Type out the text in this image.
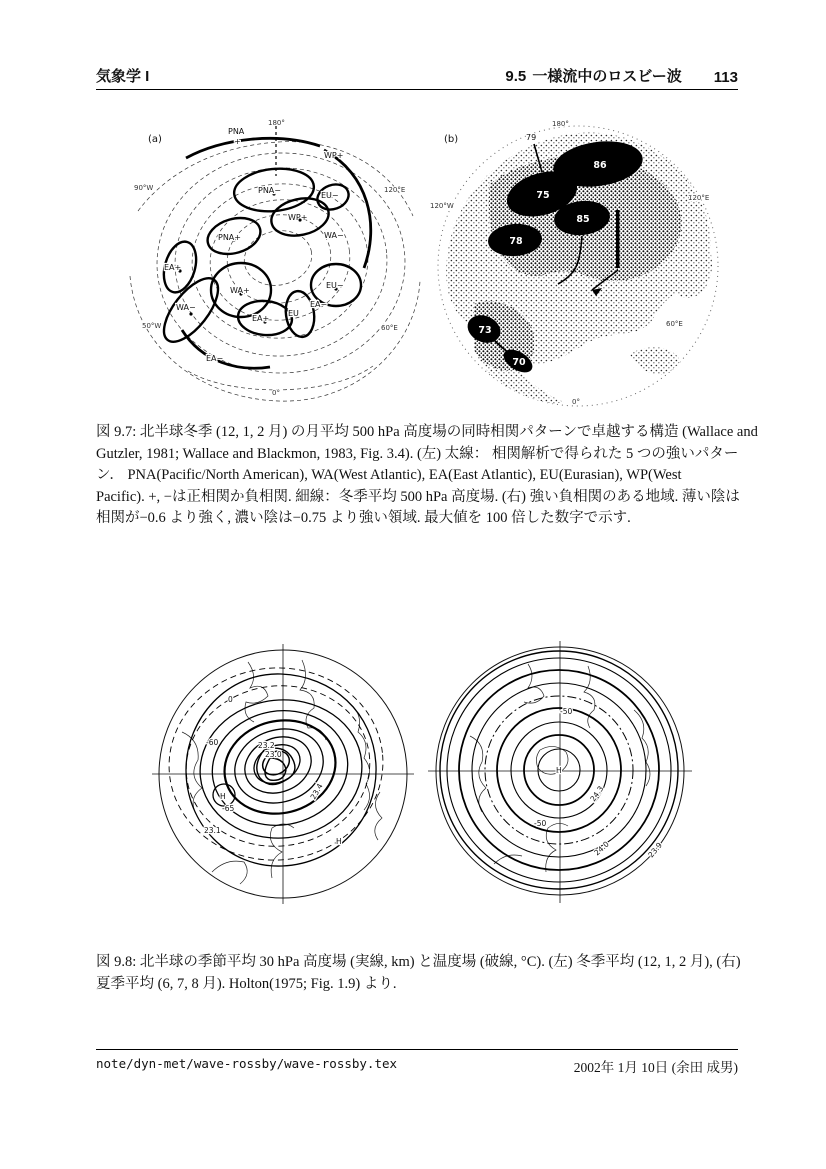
気象学 I	9.5 一様流中のロスビー波 113
(a)
PNA
+
180°
WP+
90°W	120°E
PNA−
EU−
WP+
WA−
PNA+
EA+
WA+
EU−
WA−
EA+
EU
EA−
50°W	60°E
EA−
0°
86
75
85
78
73
70
(b)	79
180°
120°W
120°E
60°E
0°
図 9.7: 北半球冬季 (12, 1, 2 月) の月平均 500 hPa 高度場の同時相関パターンで卓越する構造 (Wallace and
Gutzler, 1981; Wallace and Blackmon, 1983, Fig. 3.4). (左) 太線： 相関解析で得られた 5 つの強いパター
ン． PNA(Pacific/North American), WA(West Atlantic), EA(East Atlantic), EU(Eurasian), WP(West
Pacific). +, −は正相関か負相関. 細線：冬季平均 500 hPa 高度場. (右) 強い負相関のある地域. 薄い陰は
相関が−0.6 より強く, 濃い陰は−0.75 より強い領域. 最大値を 100 倍した数字で示す.
0
23.2
23.0
-60
H
-65
23.1
23.4
H
H
-50
-50
24.3
24.0	23.9
図 9.8: 北半球の季節平均 30 hPa 高度場 (実線, km) と温度場 (破線, °C). (左) 冬季平均 (12, 1, 2 月), (右)
夏季平均 (6, 7, 8 月). Holton(1975; Fig. 1.9) より.
note/dyn-met/wave-rossby/wave-rossby.tex	2002年 1月 10日 (余田 成男)
